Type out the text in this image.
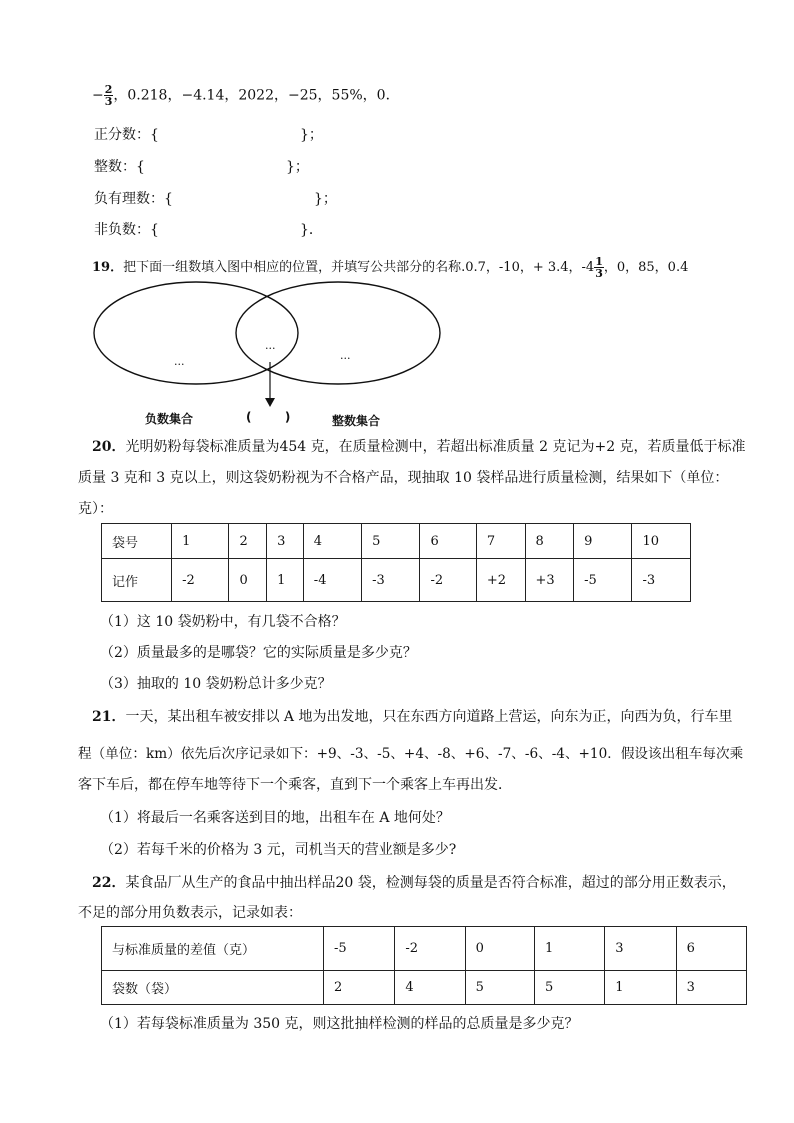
− $\frac{2}{3}$ ，0.218，−4.14，2022，−25，55%，0．
正分数：{	}；
整数：{	}；
负有理数：{	}；
非负数：{	}．
19．把下面一组数填入图中相应的位置，并填写公共部分的名称.0.7，-10，+ 3.4，$-4 \frac{1}{3}$ ，0，85，0.4
...
...
...
负数集合	(        )	整数集合
20．光明奶粉每袋标准质量为454 克，在质量检测中，若超出标准质量 2 克记为+2 克，若质量低于标准
质量 3 克和 3 克以上，则这袋奶粉视为不合格产品，现抽取 10 袋样品进行质量检测，结果如下（单位：
克）：
袋号	1	2	3	4	5	6	7	8	9	10
记作	-2	0	1	-4	-3	-2	+2	+3	-5	-3
（1）这 10 袋奶粉中，有几袋不合格？
（2）质量最多的是哪袋？它的实际质量是多少克？
（3）抽取的 10 袋奶粉总计多少克？
21．一天，某出租车被安排以 A 地为出发地，只在东西方向道路上营运，向东为正，向西为负，行车里
程（单位：km）依先后次序记录如下：+9、-3、-5、+4、-8、+6、-7、-6、-4、+10．假设该出租车每次乘
客下车后，都在停车地等待下一个乘客，直到下一个乘客上车再出发．
（1）将最后一名乘客送到目的地，出租车在 A 地何处？
（2）若每千米的价格为 3 元，司机当天的营业额是多少?
22．某食品厂从生产的食品中抽出样品20 袋，检测每袋的质量是否符合标准，超过的部分用正数表示，
不足的部分用负数表示，记录如表：
与标准质量的差值（克）	-5	-2	0	1	3	6
袋数（袋）	2	4	5	5	1	3
（1）若每袋标准质量为 350 克，则这批抽样检测的样品的总质量是多少克？
